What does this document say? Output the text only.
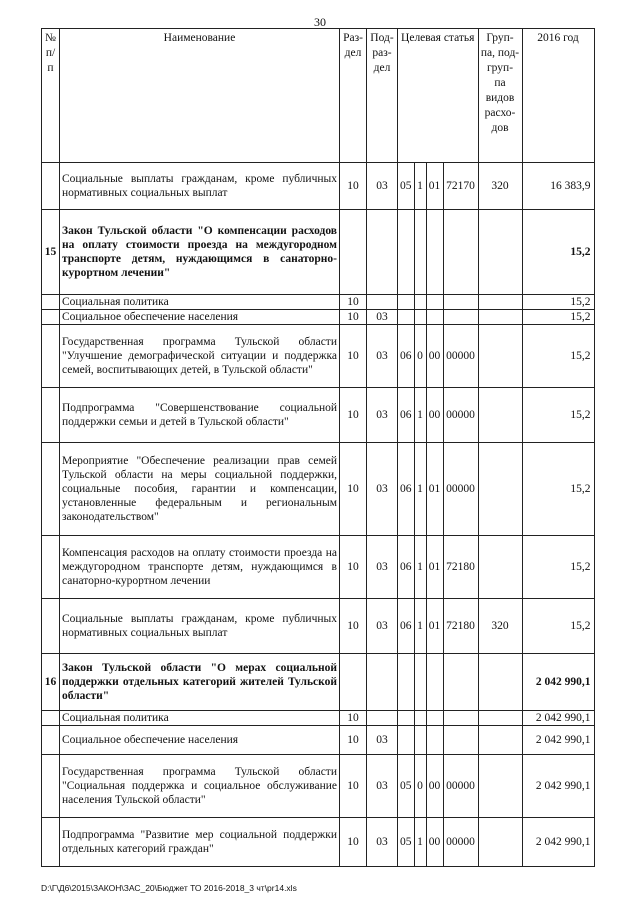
30
№ п/ п	Наименование	Раз- дел	Под- раз- дел	Целевая статья				Груп- па, под- груп- па видов расхо- дов	2016 год
	Социальные выплаты гражданам, кроме публичных нормативных социальных выплат	10	03	05	1	01	72170	320	16 383,9
15	Закон Тульской области "О компенсации расходов на оплату стоимости проезда на междугородном транспорте детям, нуждающимся в санаторно-курортном лечении"								15,2
	Социальная политика	10							15,2
	Социальное обеспечение населения	10	03						15,2
	Государственная программа Тульской области "Улучшение демографической ситуации и поддержка семей, воспитывающих детей, в Тульской области"	10	03	06	0	00	00000		15,2
	Подпрограмма "Совершенствование социальной поддержки семьи и детей в Тульской области"	10	03	06	1	00	00000		15,2
	Мероприятие "Обеспечение реализации прав семей Тульской области на меры социальной поддержки, социальные пособия, гарантии и компенсации, установленные федеральным и региональным законодательством"	10	03	06	1	01	00000		15,2
	Компенсация расходов на оплату стоимости проезда на междугородном транспорте детям, нуждающимся в санаторно-курортном лечении	10	03	06	1	01	72180		15,2
	Социальные выплаты гражданам, кроме публичных нормативных социальных выплат	10	03	06	1	01	72180	320	15,2
16	Закон Тульской области "О мерах социальной поддержки отдельных категорий жителей Тульской области"								2 042 990,1
	Социальная политика	10							2 042 990,1
	Социальное обеспечение населения	10	03						2 042 990,1
	Государственная программа Тульской области "Социальная поддержка и социальное обслуживание населения Тульской области"	10	03	05	0	00	00000		2 042 990,1
	Подпрограмма "Развитие мер социальной поддержки отдельных категорий граждан"	10	03	05	1	00	00000		2 042 990,1
D:\Г\Д6\2015\ЗАКОН\ЗАС_20\Бюджет ТО 2016-2018_3 чт\pr14.xls
